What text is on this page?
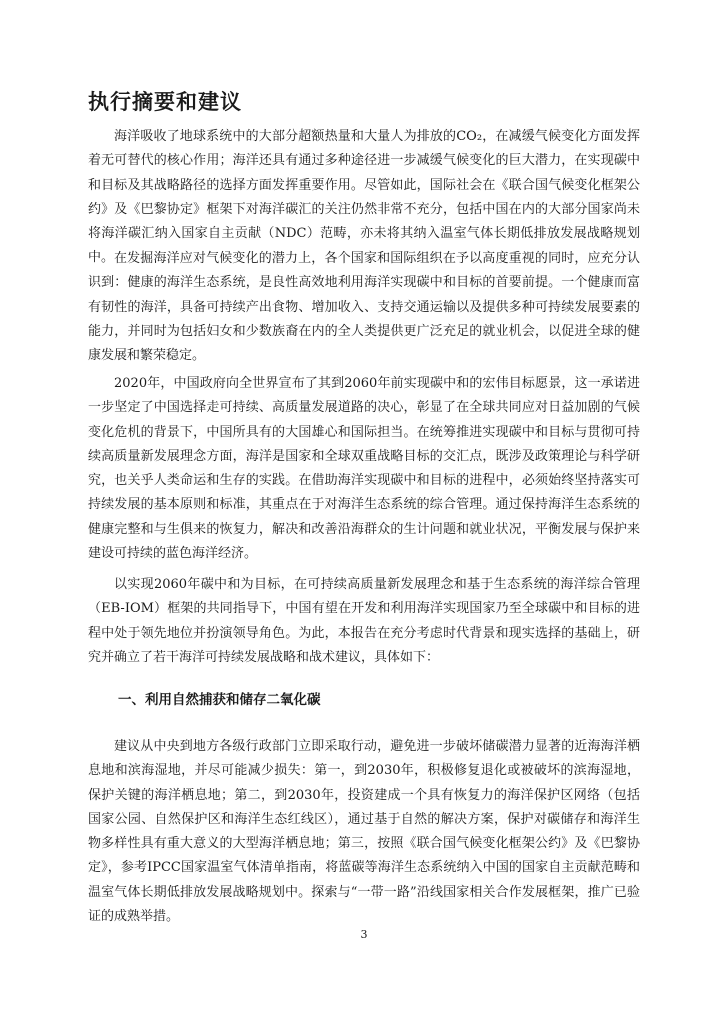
执行摘要和建议

海洋吸收了地球系统中的大部分超额热量和大量人为排放的CO₂，在减缓气候变化方面发挥着无可替代的核心作用；海洋还具有通过多种途径进一步减缓气候变化的巨大潜力，在实现碳中和目标及其战略路径的选择方面发挥重要作用。尽管如此，国际社会在《联合国气候变化框架公约》及《巴黎协定》框架下对海洋碳汇的关注仍然非常不充分，包括中国在内的大部分国家尚未将海洋碳汇纳入国家自主贡献（NDC）范畴，亦未将其纳入温室气体长期低排放发展战略规划中。 在发掘海洋应对气候变化的潜力上，各个国家和国际组织在予以高度重视的同时，应充分认识到：健康的海洋生态系统，是良性高效地利用海洋实现碳中和目标的首要前提。一个健康而富有韧性的海洋，具备可持续产出食物、增加收入、支持交通运输以及提供多种可持续发展要素的能力，并同时为包括妇女和少数族裔在内的全人类提供更广泛充足的就业机会，以促进全球的健康发展和繁荣稳定。

2020年，中国政府向全世界宣布了其到2060年前实现碳中和的宏伟目标愿景，这一承诺进一步坚定了中国选择走可持续、高质量发展道路的决心，彰显了在全球共同应对日益加剧的气候变化危机的背景下，中国所具有的大国雄心和国际担当。在统筹推进实现碳中和目标与贯彻可持续高质量新发展理念方面，海洋是国家和全球双重战略目标的交汇点，既涉及政策理论与科学研究，也关乎人类命运和生存的实践。在借助海洋实现碳中和目标的进程中，必须始终坚持落实可持续发展的基本原则和标准，其重点在于对海洋生态系统的综合管理。通过保持海洋生态系统的健康完整和与生俱来的恢复力，解决和改善沿海群众的生计问题和就业状况，平衡发展与保护来建设可持续的蓝色海洋经济。

以实现2060年碳中和为目标，在可持续高质量新发展理念和基于生态系统的海洋综合管理（EB-IOM）框架的共同指导下，中国有望在开发和利用海洋实现国家乃至全球碳中和目标的进程中处于领先地位并扮演领导角色。为此，本报告在充分考虑时代背景和现实选择的基础上，研究并确立了若干海洋可持续发展战略和战术建议，具体如下：

一、利用自然捕获和储存二氧化碳

建议从中央到地方各级行政部门立即采取行动，避免进一步破坏储碳潜力显著的近海海洋栖息地和滨海湿地，并尽可能减少损失：第一，到2030年，积极修复退化或被破坏的滨海湿地，保护关键的海洋栖息地；第二，到2030年，投资建成一个具有恢复力的海洋保护区网络（包括国家公园、自然保护区和海洋生态红线区），通过基于自然的解决方案，保护对碳储存和海洋生物多样性具有重大意义的大型海洋栖息地；第三，按照《联合国气候变化框架公约》及《巴黎协定》，参考IPCC国家温室气体清单指南，将蓝碳等海洋生态系统纳入中国的国家自主贡献范畴和温室气体长期低排放发展战略规划中。探索与“一带一路”沿线国家相关合作发展框架，推广已验证的成熟举措。

3
